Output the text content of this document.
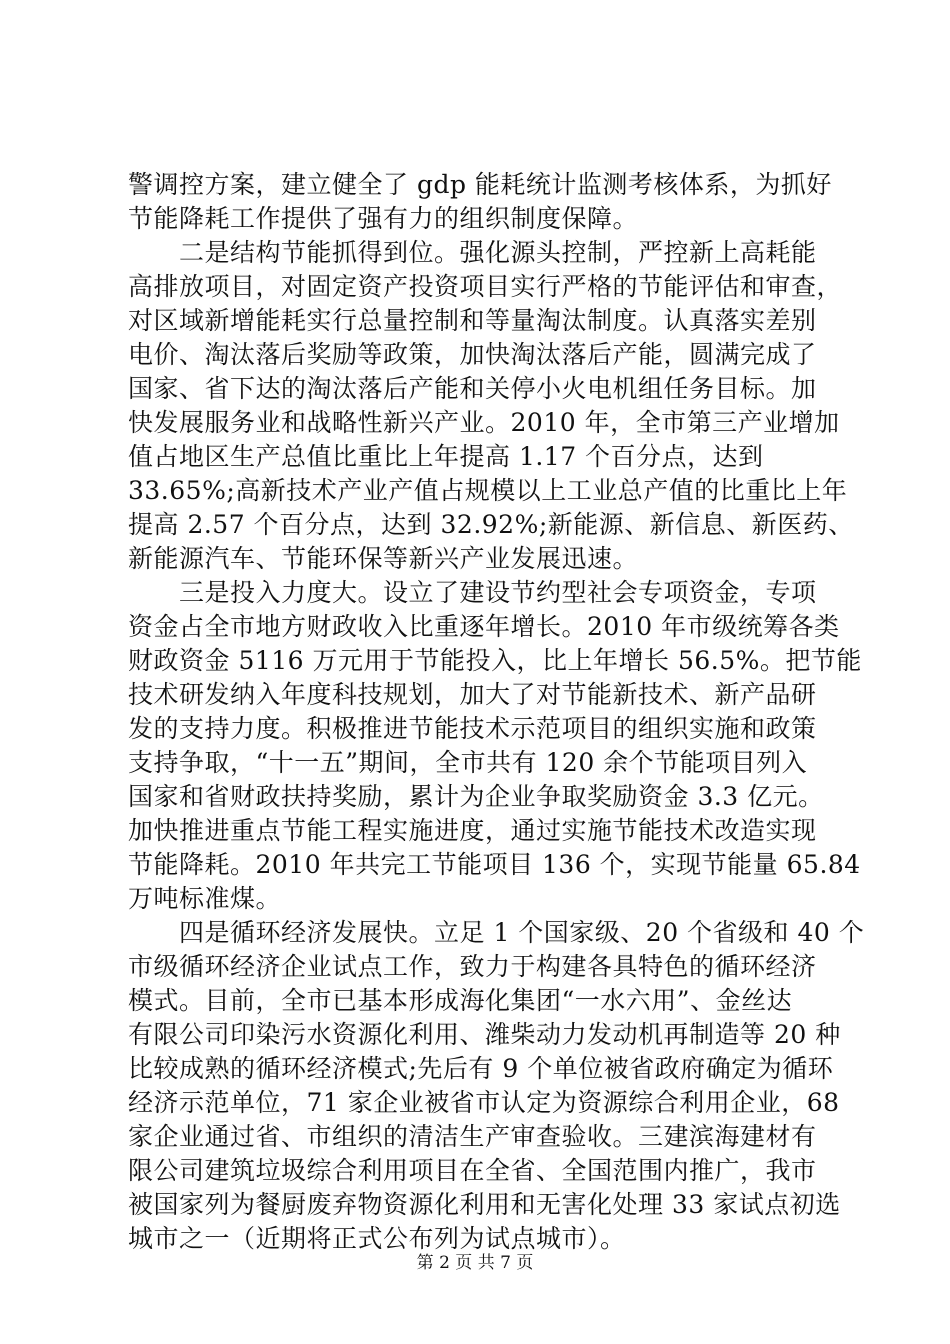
警调控方案，建立健全了 gdp 能耗统计监测考核体系，为抓好
节能降耗工作提供了强有力的组织制度保障。
　　二是结构节能抓得到位。强化源头控制，严控新上高耗能
高排放项目，对固定资产投资项目实行严格的节能评估和审查，
对区域新增能耗实行总量控制和等量淘汰制度。认真落实差别
电价、淘汰落后奖励等政策，加快淘汰落后产能，圆满完成了
国家、省下达的淘汰落后产能和关停小火电机组任务目标。加
快发展服务业和战略性新兴产业。2010 年，全市第三产业增加
值占地区生产总值比重比上年提高 1.17 个百分点，达到
33.65%;高新技术产业产值占规模以上工业总产值的比重比上年
提高 2.57 个百分点，达到 32.92%;新能源、新信息、新医药、
新能源汽车、节能环保等新兴产业发展迅速。
　　三是投入力度大。设立了建设节约型社会专项资金，专项
资金占全市地方财政收入比重逐年增长。2010 年市级统筹各类
财政资金 5116 万元用于节能投入，比上年增长 56.5%。把节能
技术研发纳入年度科技规划，加大了对节能新技术、新产品研
发的支持力度。积极推进节能技术示范项目的组织实施和政策
支持争取，“十一五”期间，全市共有 120 余个节能项目列入
国家和省财政扶持奖励，累计为企业争取奖励资金 3.3 亿元。
加快推进重点节能工程实施进度，通过实施节能技术改造实现
节能降耗。2010 年共完工节能项目 136 个，实现节能量 65.84
万吨标准煤。
　　四是循环经济发展快。立足 1 个国家级、20 个省级和 40 个
市级循环经济企业试点工作，致力于构建各具特色的循环经济
模式。目前，全市已基本形成海化集团“一水六用”、金丝达
有限公司印染污水资源化利用、潍柴动力发动机再制造等 20 种
比较成熟的循环经济模式;先后有 9 个单位被省政府确定为循环
经济示范单位，71 家企业被省市认定为资源综合利用企业，68
家企业通过省、市组织的清洁生产审查验收。三建滨海建材有
限公司建筑垃圾综合利用项目在全省、全国范围内推广，我市
被国家列为餐厨废弃物资源化利用和无害化处理 33 家试点初选
城市之一（近期将正式公布列为试点城市）。
第 2 页 共 7 页
